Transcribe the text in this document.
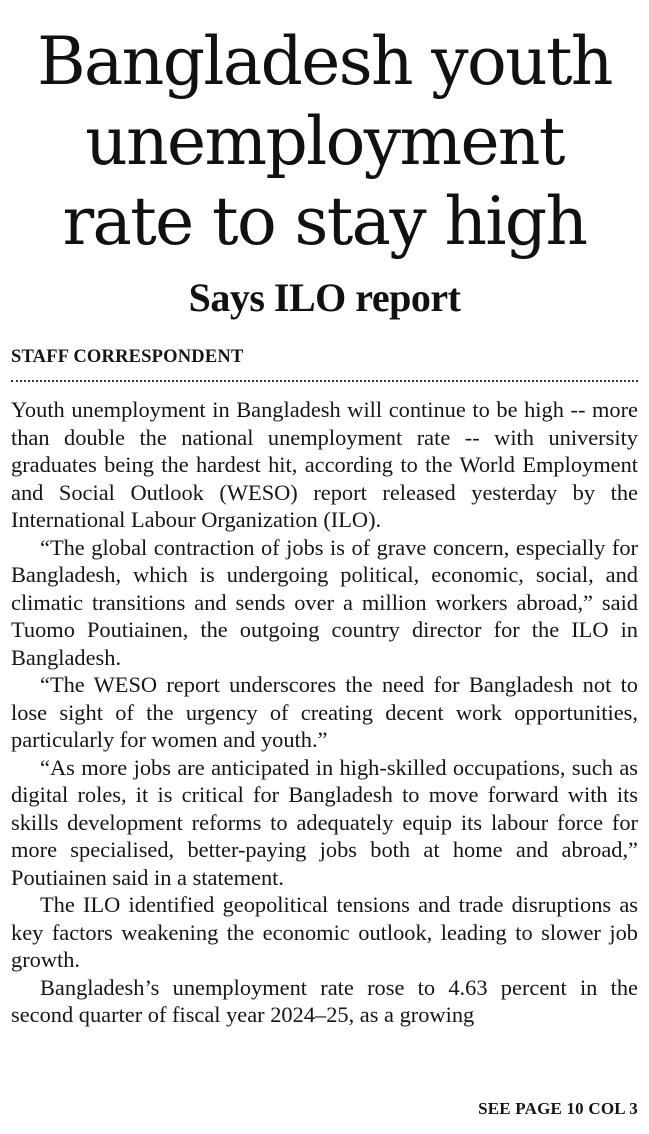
Bangladesh youth
unemployment
rate to stay high
Says ILO report
STAFF CORRESPONDENT

Youth unemployment in Bangladesh will continue to be high -- more than double the national unemployment rate -- with university graduates being the hardest hit, according to the World Employment and Social Outlook (WESO) report released yesterday by the International Labour Organization (ILO).

“The global contraction of jobs is of grave concern, especially for Bangladesh, which is undergoing political, economic, social, and climatic transitions and sends over a million workers abroad,” said Tuomo Poutiainen, the outgoing country director for the ILO in Bangladesh.

“The WESO report underscores the need for Bangladesh not to lose sight of the urgency of creating decent work opportunities, particularly for women and youth.”

“As more jobs are anticipated in high-skilled occupations, such as digital roles, it is critical for Bangladesh to move forward with its skills development reforms to adequately equip its labour force for more specialised, better-paying jobs both at home and abroad,” Poutiainen said in a statement.

The ILO identified geopolitical tensions and trade disruptions as key factors weakening the economic outlook, leading to slower job growth.

Bangladesh’s unemployment rate rose to 4.63 percent in the second quarter of fiscal year 2024–25, as a growing

SEE PAGE 10 COL 3
